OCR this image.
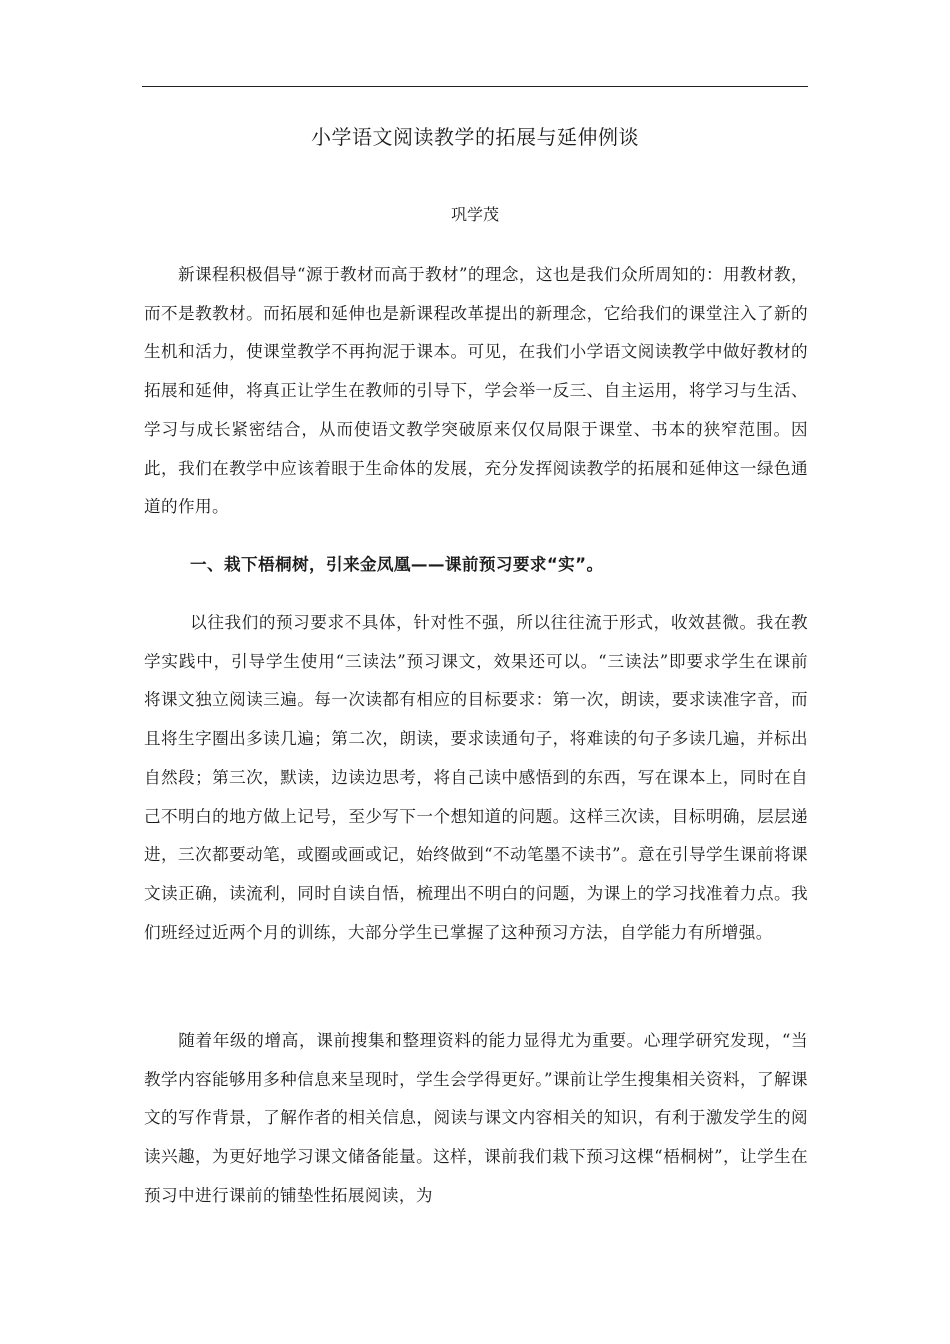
小学语文阅读教学的拓展与延伸例谈
巩学茂

新课程积极倡导“源于教材而高于教材”的理念，这也是我们众所周知的：用教材教，而不是教教材。而拓展和延伸也是新课程改革提出的新理念，它给我们的课堂注入了新的生机和活力，使课堂教学不再拘泥于课本。可见，在我们小学语文阅读教学中做好教材的拓展和延伸，将真正让学生在教师的引导下，学会举一反三、自主运用，将学习与生活、学习与成长紧密结合，从而使语文教学突破原来仅仅局限于课堂、书本的狭窄范围。因此，我们在教学中应该着眼于生命体的发展，充分发挥阅读教学的拓展和延伸这一绿色通道的作用。

一、栽下梧桐树，引来金凤凰——课前预习要求“实”。

以往我们的预习要求不具体，针对性不强，所以往往流于形式，收效甚微。我在教学实践中，引导学生使用“三读法”预习课文，效果还可以。“三读法”即要求学生在课前将课文独立阅读三遍。每一次读都有相应的目标要求：第一次，朗读，要求读准字音，而且将生字圈出多读几遍；第二次，朗读，要求读通句子，将难读的句子多读几遍，并标出自然段；第三次，默读，边读边思考，将自己读中感悟到的东西，写在课本上，同时在自己不明白的地方做上记号，至少写下一个想知道的问题。这样三次读，目标明确，层层递进，三次都要动笔，或圈或画或记，始终做到“不动笔墨不读书”。意在引导学生课前将课文读正确，读流利，同时自读自悟，梳理出不明白的问题，为课上的学习找准着力点。我们班经过近两个月的训练，大部分学生已掌握了这种预习方法，自学能力有所增强。

随着年级的增高，课前搜集和整理资料的能力显得尤为重要。心理学研究发现，“当教学内容能够用多种信息来呈现时，学生会学得更好。”课前让学生搜集相关资料，了解课文的写作背景，了解作者的相关信息，阅读与课文内容相关的知识，有利于激发学生的阅读兴趣，为更好地学习课文储备能量。这样，课前我们栽下预习这棵“梧桐树”，让学生在预习中进行课前的铺垫性拓展阅读，为
